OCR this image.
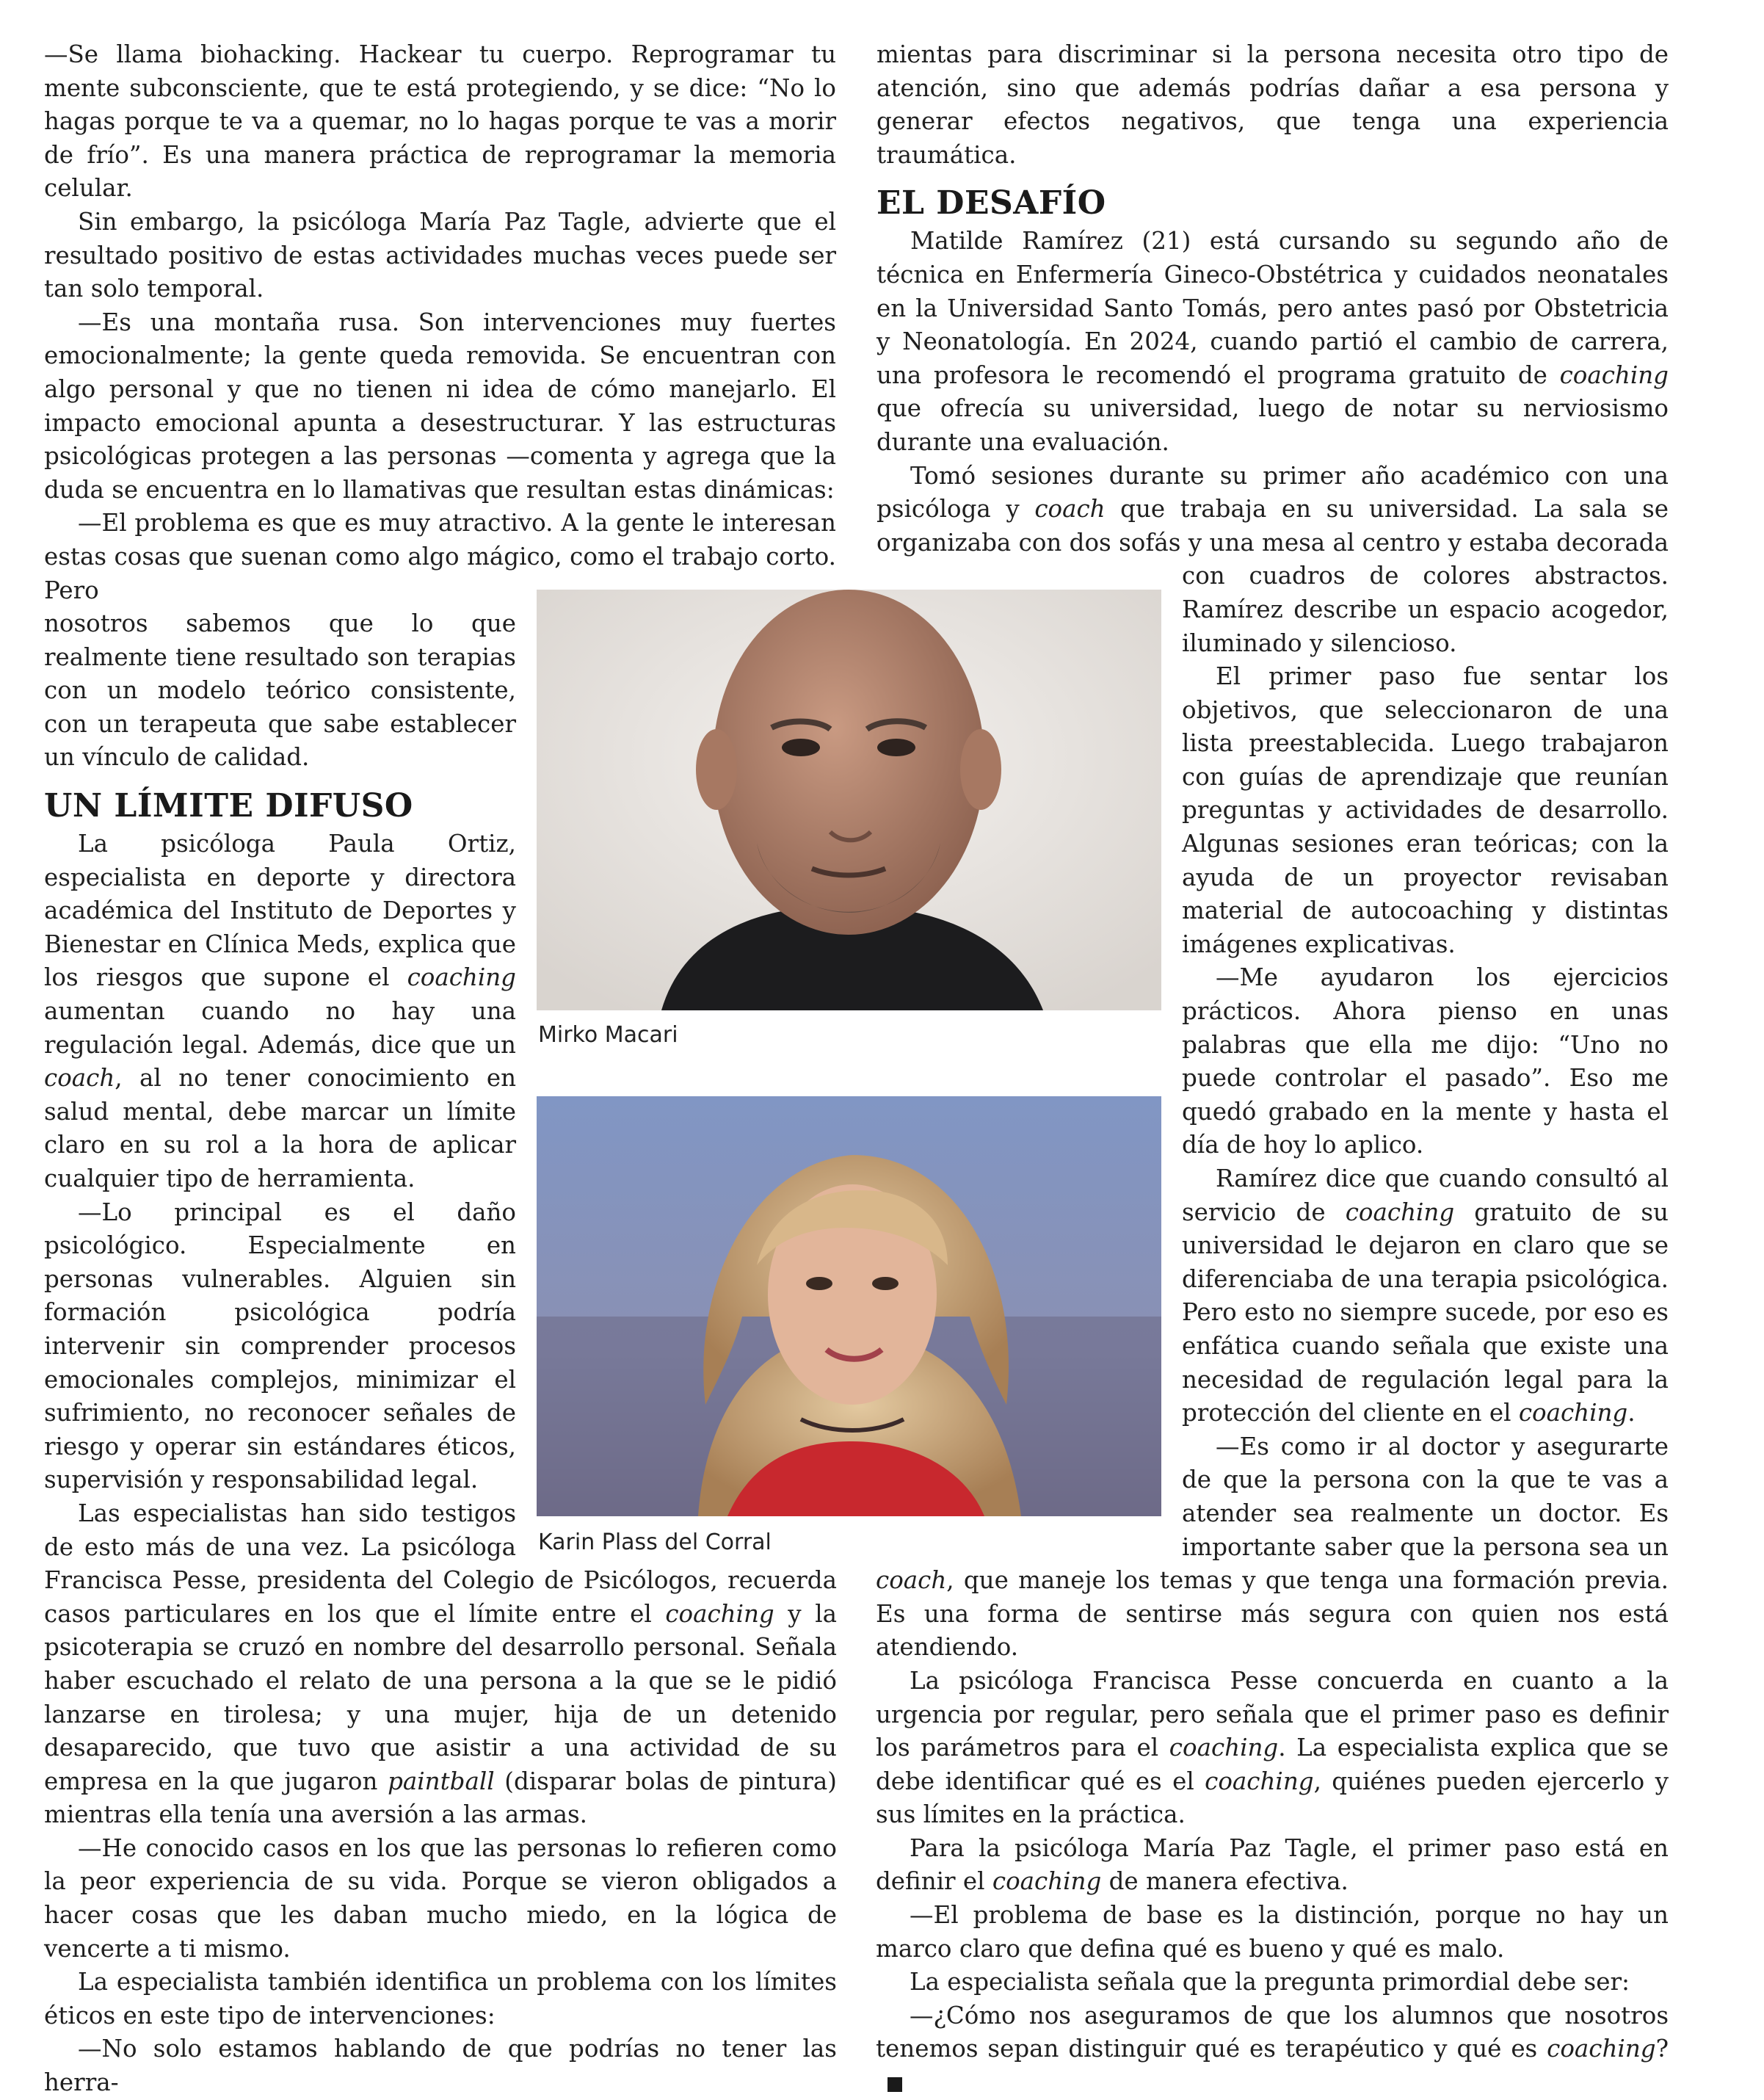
—Se llama biohacking. Hackear tu cuerpo. Reprogramar tu mente subconsciente, que te está protegiendo, y se dice: “No lo hagas porque te va a quemar, no lo hagas porque te vas a morir de frío”. Es una manera práctica de reprogramar la memoria celular.

Sin embargo, la psicóloga María Paz Tagle, advierte que el resultado positivo de estas actividades muchas veces puede ser tan solo temporal.

—Es una montaña rusa. Son intervenciones muy fuertes emocionalmente; la gente queda removida. Se encuentran con algo personal y que no tienen ni idea de cómo manejarlo. El impacto emocional apunta a desestructurar. Y las estructuras psicológicas protegen a las personas —comenta y agrega que la duda se encuentra en lo llamativas que resultan estas dinámicas:

—El problema es que es muy atractivo. A la gente le interesan estas cosas que suenan como algo mágico, como el trabajo corto. Pero nosotros sabemos que lo que realmente tiene resultado son terapias con un modelo teórico consistente, con un terapeuta que sabe establecer un vínculo de calidad.

UN LÍMITE DIFUSO

La psicóloga Paula Ortiz, especialista en deporte y directora académica del Instituto de Deportes y Bienestar en Clínica Meds, explica que los riesgos que supone el coaching aumentan cuando no hay una regulación legal. Además, dice que un coach, al no tener conocimiento en salud mental, debe marcar un límite claro en su rol a la hora de aplicar cualquier tipo de herramienta.

—Lo principal es el daño psicológico. Especialmente en personas vulnerables. Alguien sin formación psicológica podría intervenir sin comprender procesos emocionales complejos, minimizar el sufrimiento, no reconocer señales de riesgo y operar sin estándares éticos, supervisión y responsabilidad legal.

Las especialistas han sido testigos de esto más de una vez. La psicóloga Francisca Pesse, presidenta del Colegio de Psicólogos, recuerda casos particulares en los que el límite entre el coaching y la psicoterapia se cruzó en nombre del desarrollo personal. Señala haber escuchado el relato de una persona a la que se le pidió lanzarse en tirolesa; y una mujer, hija de un detenido desaparecido, que tuvo que asistir a una actividad de su empresa en la que jugaron paintball (disparar bolas de pintura) mientras ella tenía una aversión a las armas.

—He conocido casos en los que las personas lo refieren como la peor experiencia de su vida. Porque se vieron obligados a hacer cosas que les daban mucho miedo, en la lógica de vencerte a ti mismo.

La especialista también identifica un problema con los límites éticos en este tipo de intervenciones:

—No solo estamos hablando de que podrías no tener las herra-

mientas para discriminar si la persona necesita otro tipo de atención, sino que además podrías dañar a esa persona y generar efectos negativos, que tenga una experiencia traumática.

EL DESAFÍO

Matilde Ramírez (21) está cursando su segundo año de técnica en Enfermería Gineco-Obstétrica y cuidados neonatales en la Universidad Santo Tomás, pero antes pasó por Obstetricia y Neonatología. En 2024, cuando partió el cambio de carrera, una profesora le recomendó el programa gratuito de coaching que ofrecía su universidad, luego de notar su nerviosismo durante una evaluación.

Tomó sesiones durante su primer año académico con una psicóloga y coach que trabaja en su universidad. La sala se organizaba con dos sofás y una mesa al centro y estaba decorada con cuadros de colores abstractos. Ramírez describe un espacio acogedor, iluminado y silencioso.

El primer paso fue sentar los objetivos, que seleccionaron de una lista preestablecida. Luego trabajaron con guías de aprendizaje que reunían preguntas y actividades de desarrollo. Algunas sesiones eran teóricas; con la ayuda de un proyector revisaban material de autocoaching y distintas imágenes explicativas.

—Me ayudaron los ejercicios prácticos. Ahora pienso en unas palabras que ella me dijo: “Uno no puede controlar el pasado”. Eso me quedó grabado en la mente y hasta el día de hoy lo aplico.

Ramírez dice que cuando consultó al servicio de coaching gratuito de su universidad le dejaron en claro que se diferenciaba de una terapia psicológica. Pero esto no siempre sucede, por eso es enfática cuando señala que existe una necesidad de regulación legal para la protección del cliente en el coaching.

—Es como ir al doctor y asegurarte de que la persona con la que te vas a atender sea realmente un doctor. Es importante saber que la persona sea un coach, que maneje los temas y que tenga una formación previa. Es una forma de sentirse más segura con quien nos está atendiendo.

La psicóloga Francisca Pesse concuerda en cuanto a la urgencia por regular, pero señala que el primer paso es definir los parámetros para el coaching. La especialista explica que se debe identificar qué es el coaching, quiénes pueden ejercerlo y sus límites en la práctica.

Para la psicóloga María Paz Tagle, el primer paso está en definir el coaching de manera efectiva.

—El problema de base es la distinción, porque no hay un marco claro que defina qué es bueno y qué es malo.

La especialista señala que la pregunta primordial debe ser:

—¿Cómo nos aseguramos de que los alumnos que nosotros tenemos sepan distinguir qué es terapéutico y qué es coaching?

Mirko Macari
Karin Plass del Corral
